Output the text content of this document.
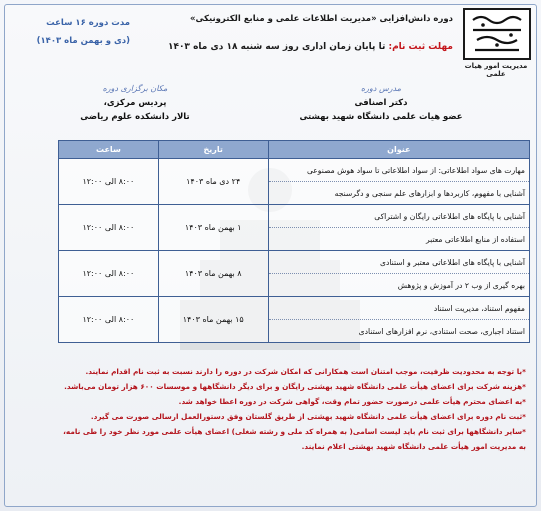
مدیریت امور هیات علمی
دوره دانش‌افزایی «مدیریت اطلاعات علمی و منابع الکترونیکی»
مهلت ثبت نام: تا پایان زمان اداری روز سه شنبه ۱۸ دی ماه ۱۴۰۳
مدت دوره ۱۶ ساعت
(دی و بهمن ماه ۱۴۰۳)
مکان برگزاری دوره
پردیس مرکزی،
تالار دانشکده علوم ریاضی
مدرس دوره
دکتر اصنافی
عضو هیات علمی دانشگاه شهید بهشتی
عنوان	تاریخ	ساعت
مهارت های سواد اطلاعاتی: از سواد اطلاعاتی تا سواد هوش مصنوعی	۲۴ دی ماه ۱۴۰۳	۸:۰۰ الی ۱۲:۰۰
آشنایی با مفهوم، کاربردها و ابزارهای علم سنجی و دگرسنجه		
آشنایی با پایگاه های اطلاعاتی رایگان و اشتراکی	۱ بهمن ماه ۱۴۰۳	۸:۰۰ الی ۱۲:۰۰
استفاده از منابع اطلاعاتی معتبر		
آشنایی با پایگاه های اطلاعاتی معتبر و استنادی	۸ بهمن ماه ۱۴۰۳	۸:۰۰ الی ۱۲:۰۰
بهره گیری از وب ۲ در آموزش و پژوهش		
مفهوم استناد، مدیریت استناد	۱۵ بهمن ماه ۱۴۰۳	۸:۰۰ الی ۱۲:۰۰
استناد اجباری، صحت استنادی، نرم افزارهای استنادی		
*با توجه به محدودیت ظرفیت، موجب امتنان است همکارانی که امکان شرکت در دوره را دارند نسبت به ثبت نام اقدام نمایند.
*هزینه شرکت برای اعضای هیأت علمی دانشگاه شهید بهشتی رایگان و برای دیگر دانشگاهها و موسسات ۶۰۰ هزار تومان می‌باشد.
*به اعضای محترم هیأت علمی درصورت حضور تمام وقت، گواهی شرکت در دوره اعطا خواهد شد.
*ثبت نام دوره برای اعضای هیأت علمی دانشگاه شهید بهشتی از طریق گلستان وفق دستورالعمل ارسالی صورت می گیرد.
*سایر دانشگاهها برای ثبت نام باید لیست اسامی( به همراه کد ملی و رشته شغلی) اعضای هیأت علمی مورد نظر خود را طی نامه،
به مدیریت امور هیأت علمی دانشگاه شهید بهشتی اعلام نمایند.
